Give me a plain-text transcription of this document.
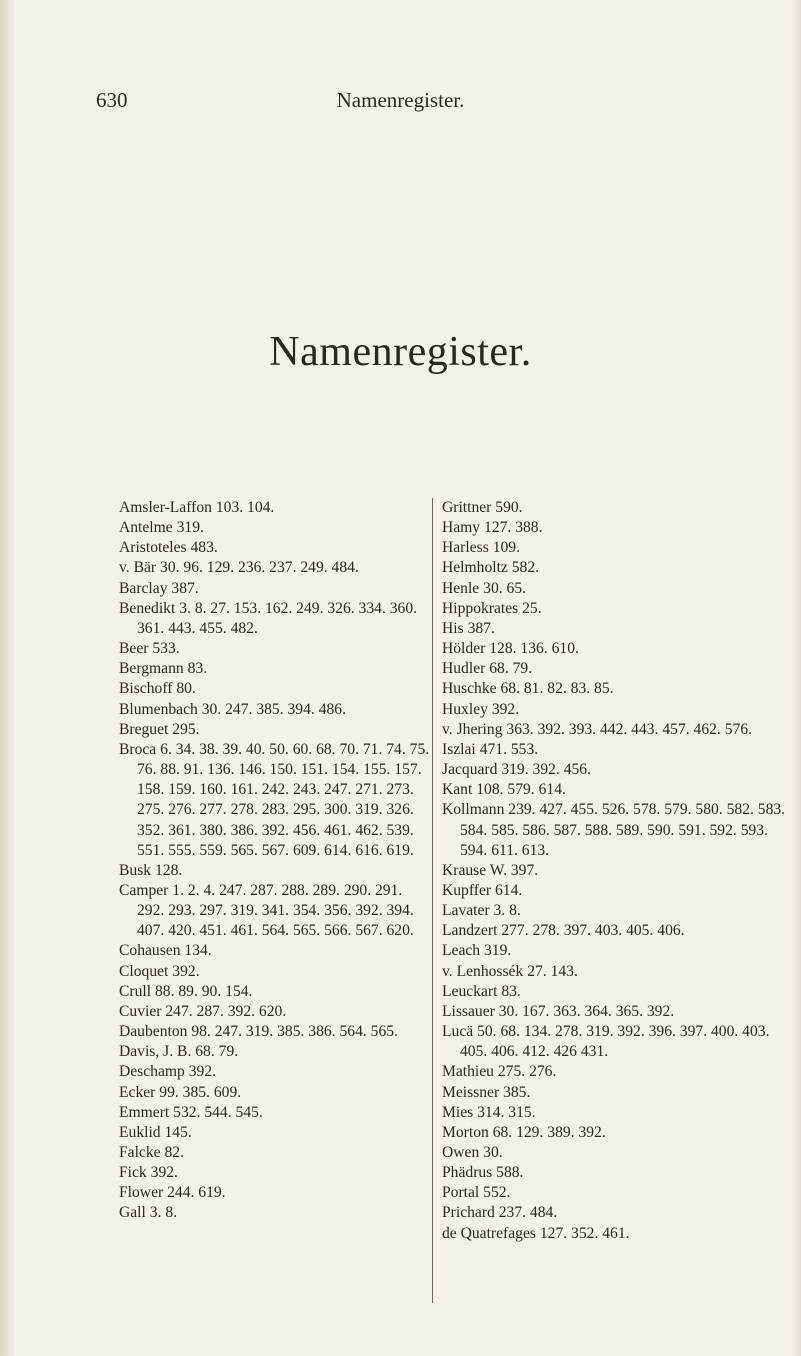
630	Namenregister.
Namenregister.
Amsler-Laffon 103. 104.
Antelme 319.
Aristoteles 483.
v. Bär 30. 96. 129. 236. 237. 249. 484.
Barclay 387.
Benedikt 3. 8. 27. 153. 162. 249. 326. 334. 360. 361. 443. 455. 482.
Beer 533.
Bergmann 83.
Bischoff 80.
Blumenbach 30. 247. 385. 394. 486.
Breguet 295.
Broca 6. 34. 38. 39. 40. 50. 60. 68. 70. 71. 74. 75. 76. 88. 91. 136. 146. 150. 151. 154. 155. 157. 158. 159. 160. 161. 242. 243. 247. 271. 273. 275. 276. 277. 278. 283. 295. 300. 319. 326. 352. 361. 380. 386. 392. 456. 461. 462. 539. 551. 555. 559. 565. 567. 609. 614. 616. 619.
Busk 128.
Camper 1. 2. 4. 247. 287. 288. 289. 290. 291. 292. 293. 297. 319. 341. 354. 356. 392. 394. 407. 420. 451. 461. 564. 565. 566. 567. 620.
Cohausen 134.
Cloquet 392.
Crull 88. 89. 90. 154.
Cuvier 247. 287. 392. 620.
Daubenton 98. 247. 319. 385. 386. 564. 565.
Davis, J. B. 68. 79.
Deschamp 392.
Ecker 99. 385. 609.
Emmert 532. 544. 545.
Euklid 145.
Falcke 82.
Fick 392.
Flower 244. 619.
Gall 3. 8.
Grittner 590.
Hamy 127. 388.
Harless 109.
Helmholtz 582.
Henle 30. 65.
Hippokrates 25.
His 387.
Hölder 128. 136. 610.
Hudler 68. 79.
Huschke 68. 81. 82. 83. 85.
Huxley 392.
v. Jhering 363. 392. 393. 442. 443. 457. 462. 576.
Iszlai 471. 553.
Jacquard 319. 392. 456.
Kant 108. 579. 614.
Kollmann 239. 427. 455. 526. 578. 579. 580. 582. 583. 584. 585. 586. 587. 588. 589. 590. 591. 592. 593. 594. 611. 613.
Krause W. 397.
Kupffer 614.
Lavater 3. 8.
Landzert 277. 278. 397. 403. 405. 406.
Leach 319.
v. Lenhossék 27. 143.
Leuckart 83.
Lissauer 30. 167. 363. 364. 365. 392.
Lucä 50. 68. 134. 278. 319. 392. 396. 397. 400. 403. 405. 406. 412. 426 431.
Mathieu 275. 276.
Meissner 385.
Mies 314. 315.
Morton 68. 129. 389. 392.
Owen 30.
Phädrus 588.
Portal 552.
Prichard 237. 484.
de Quatrefages 127. 352. 461.
